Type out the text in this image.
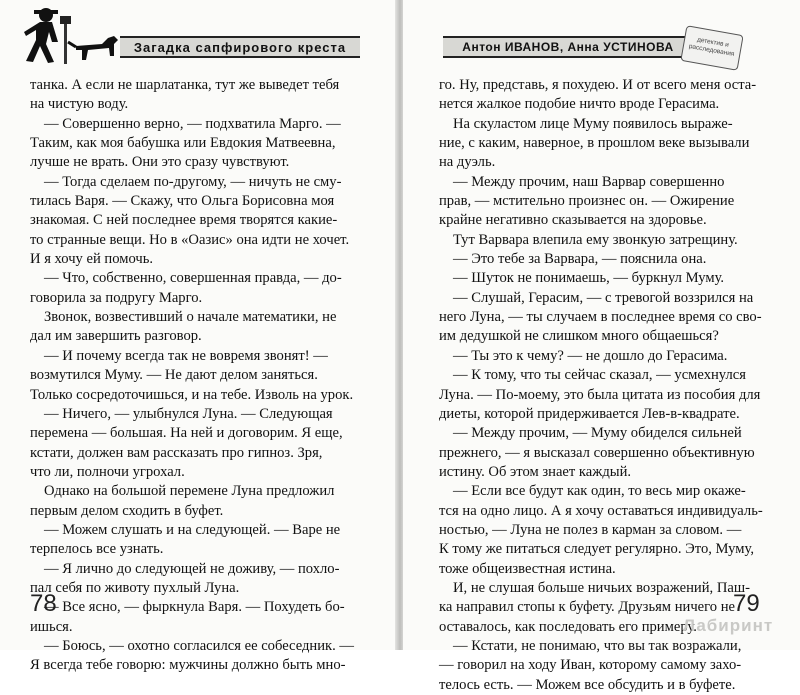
Загадка сапфирового креста
танка. А если не шарлатанка, тут же выведет тебя
на чистую воду.
— Совершенно верно, — подхватила Марго. —
Таким, как моя бабушка или Евдокия Матвеевна,
лучше не врать. Они это сразу чувствуют.
— Тогда сделаем по-другому, — ничуть не сму-
тилась Варя. — Скажу, что Ольга Борисовна моя
знакомая. С ней последнее время творятся какие-
то странные вещи. Но в «Оазис» она идти не хочет.
И я хочу ей помочь.
— Что, собственно, совершенная правда, — до-
говорила за подругу Марго.
Звонок, возвестивший о начале математики, не
дал им завершить разговор.
— И почему всегда так не вовремя звонят! —
возмутился Муму. — Не дают делом заняться.
Только сосредоточишься, и на тебе. Изволь на урок.
— Ничего, — улыбнулся Луна. — Следующая
перемена — большая. На ней и договорим. Я еще,
кстати, должен вам рассказать про гипноз. Зря,
что ли, полночи угрохал.
Однако на большой перемене Луна предложил
первым делом сходить в буфет.
— Можем слушать и на следующей. — Варе не
терпелось все узнать.
— Я лично до следующей не доживу, — похло-
пал себя по животу пухлый Луна.
— Все ясно, — фыркнула Варя. — Похудеть бо-
ишься.
— Боюсь, — охотно согласился ее собеседник. —
Я всегда тебе говорю: мужчины должно быть мно-
78
Антон ИВАНОВ, Анна УСТИНОВА	детектив и расследования
го. Ну, представь, я похудею. И от всего меня оста-
нется жалкое подобие ничто вроде Герасима.
На скуластом лице Муму появилось выраже-
ние, с каким, наверное, в прошлом веке вызывали
на дуэль.
— Между прочим, наш Варвар совершенно
прав, — мстительно произнес он. — Ожирение
крайне негативно сказывается на здоровье.
Тут Варвара влепила ему звонкую затрещину.
— Это тебе за Варвара, — пояснила она.
— Шуток не понимаешь, — буркнул Муму.
— Слушай, Герасим, — с тревогой воззрился на
него Луна, — ты случаем в последнее время со сво-
им дедушкой не слишком много общаешься?
— Ты это к чему? — не дошло до Герасима.
— К тому, что ты сейчас сказал, — усмехнулся
Луна. — По-моему, это была цитата из пособия для
диеты, которой придерживается Лев-в-квадрате.
— Между прочим, — Муму обиделся сильней
прежнего, — я высказал совершенно объективную
истину. Об этом знает каждый.
— Если все будут как один, то весь мир окаже-
тся на одно лицо. А я хочу оставаться индивидуаль-
ностью, — Луна не полез в карман за словом. —
К тому же питаться следует регулярно. Это, Муму,
тоже общеизвестная истина.
И, не слушая больше ничьих возражений, Паш-
ка направил стопы к буфету. Друзьям ничего не
оставалось, как последовать его примеру.
— Кстати, не понимаю, что вы так возражали,
— говорил на ходу Иван, которому самому захо-
телось есть. — Можем все обсудить и в буфете.
79
Лабиринт
